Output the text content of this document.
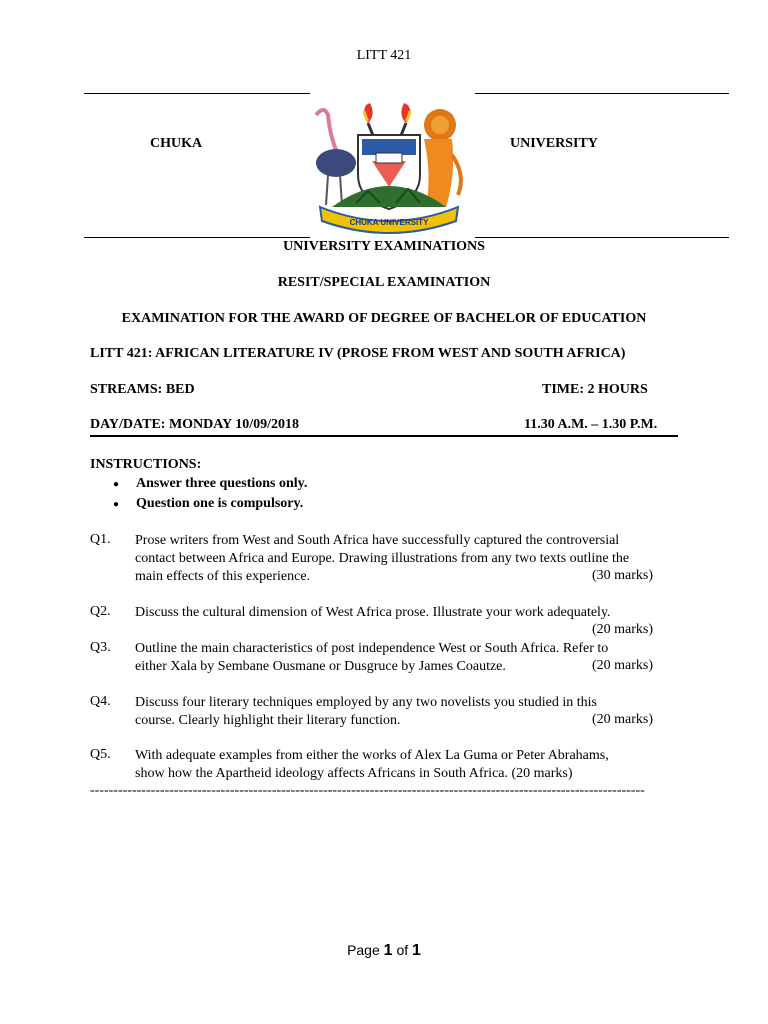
LITT 421
CHUKA	UNIVERSITY
CHUKA UNIVERSITY
UNIVERSITY EXAMINATIONS
RESIT/SPECIAL EXAMINATION
EXAMINATION FOR THE AWARD OF DEGREE OF BACHELOR OF EDUCATION
LITT 421: AFRICAN LITERATURE IV (PROSE FROM WEST AND SOUTH AFRICA)
STREAMS: BED	TIME: 2 HOURS
DAY/DATE: MONDAY 10/09/2018	11.30 A.M. – 1.30 P.M.
INSTRUCTIONS:
● Answer three questions only.
● Question one is compulsory.
Q1. Prose writers from West and South Africa have successfully captured the controversial
contact between Africa and Europe. Drawing illustrations from any two texts outline the
main effects of this experience.	(30 marks)
Q2. Discuss the cultural dimension of West Africa prose. Illustrate your work adequately.
(20 marks)
Q3. Outline the main characteristics of post independence West or South Africa. Refer to
either Xala by Sembane Ousmane or Dusgruce by James Coautze.	(20 marks)
Q4. Discuss four literary techniques employed by any two novelists you studied in this
course. Clearly highlight their literary function.	(20 marks)
Q5. With adequate examples from either the works of Alex La Guma or Peter Abrahams,
show how the Apartheid ideology affects Africans in South Africa. (20 marks)
-----------------------------------------------------------------------------------------------------------------------
Page 1 of 1
